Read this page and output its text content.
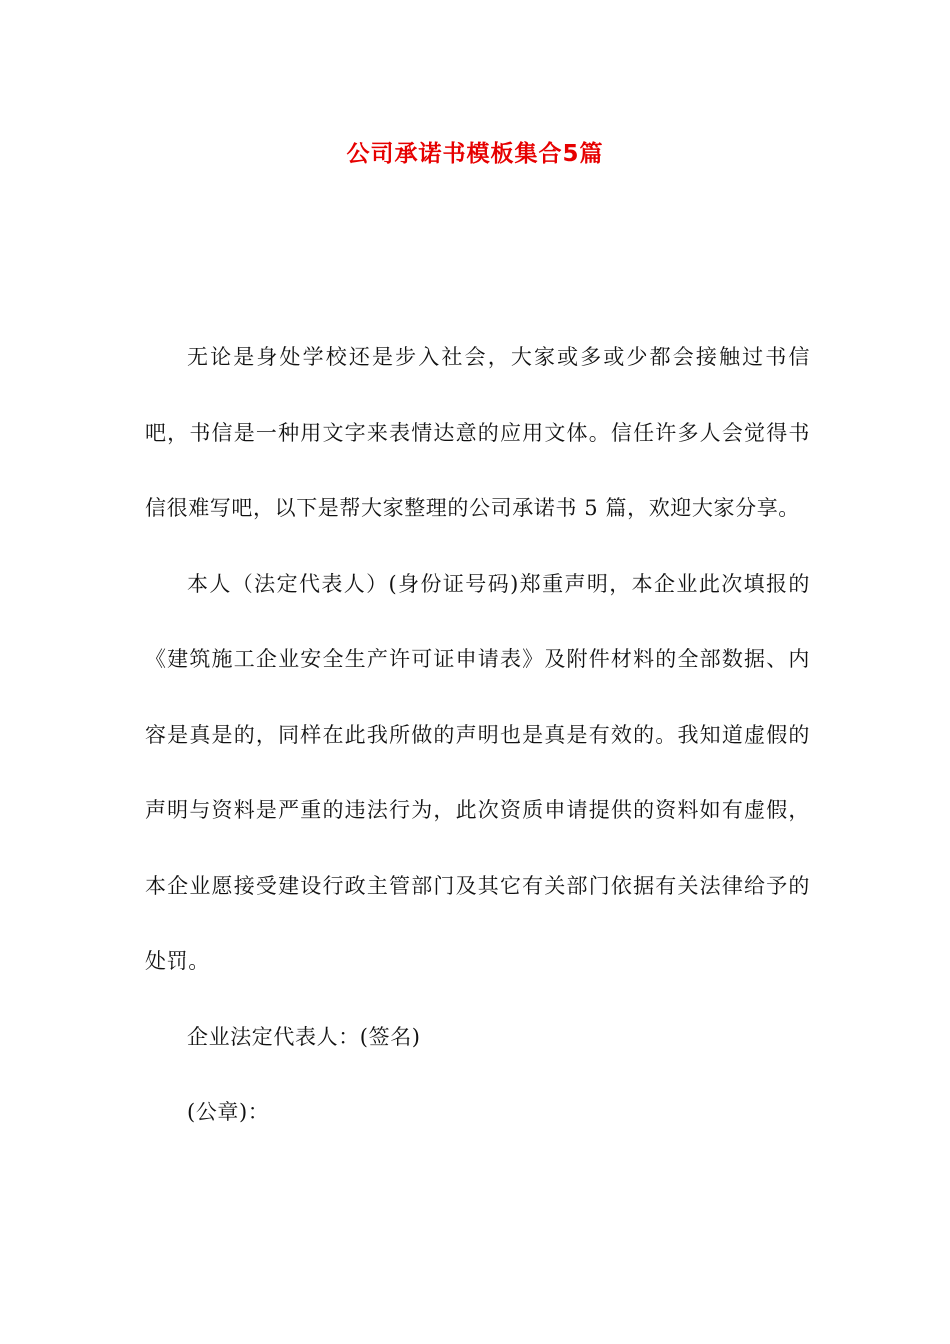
公司承诺书模板集合5篇

无论是身处学校还是步入社会，大家或多或少都会接触过书信吧，书信是一种用文字来表情达意的应用文体。信任许多人会觉得书信很难写吧，以下是帮大家整理的公司承诺书 5 篇，欢迎大家分享。

本人（法定代表人）(身份证号码)郑重声明，本企业此次填报的《建筑施工企业安全生产许可证申请表》及附件材料的全部数据、内容是真是的，同样在此我所做的声明也是真是有效的。我知道虚假的声明与资料是严重的违法行为，此次资质申请提供的资料如有虚假，本企业愿接受建设行政主管部门及其它有关部门依据有关法律给予的处罚。

企业法定代表人：(签名)

(公章)：
